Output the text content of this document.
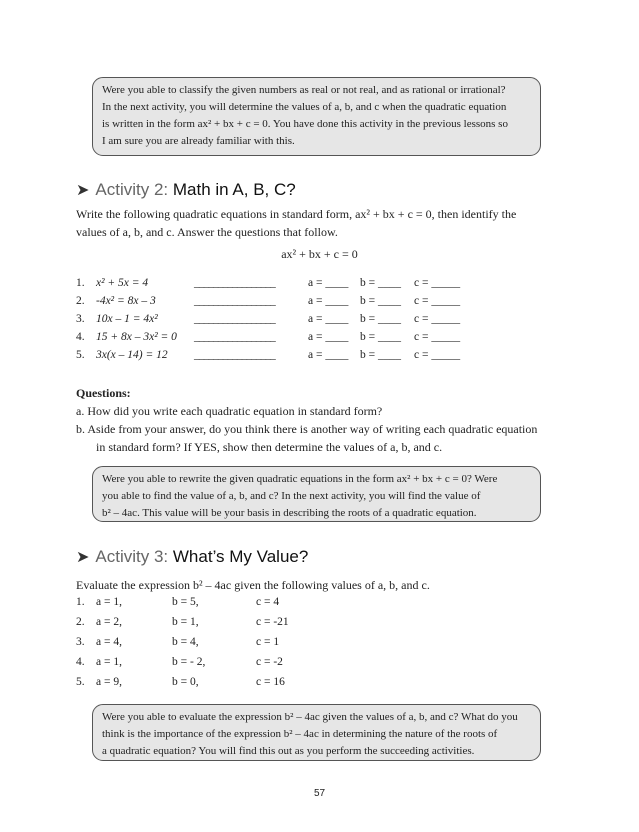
Were you able to classify the given numbers as real or not real, and as rational or irrational?

In the next activity, you will determine the values of a, b, and c when the quadratic equation

is written in the form ax² + bx + c = 0. You have done this activity in the previous lessons so

I am sure you are already familiar with this.

➤ Activity 2: Math in A, B, C?

Write the following quadratic equations in standard form, ax² + bx + c = 0, then identify the
values of a, b, and c. Answer the questions that follow.

ax² + bx + c = 0
1. x² + 5x = 4	_________________	a = ____ b = ____ c = _____
2. -4x² = 8x – 3	_________________	a = ____ b = ____ c = _____
3. 10x – 1 = 4x²	_________________	a = ____ b = ____ c = _____
4. 15 + 8x – 3x² = 0 _________________	a = ____ b = ____ c = _____
5. 3x(x – 14) = 12 _________________	a = ____ b = ____ c = _____
Questions:
a. How did you write each quadratic equation in standard form?
b. Aside from your answer, do you think there is another way of writing each quadratic equation
in standard form? If YES, show then determine the values of a, b, and c.

Were you able to rewrite the given quadratic equations in the form ax² + bx + c = 0? Were

you able to find the value of a, b, and c? In the next activity, you will find the value of

b² – 4ac. This value will be your basis in describing the roots of a quadratic equation.

➤ Activity 3: What’s My Value?
Evaluate the expression b² – 4ac given the following values of a, b, and c.
1. a = 1,	b = 5,	c = 4
2. a = 2,	b = 1,	c = -21
3. a = 4,	b = 4,	c = 1
4. a = 1,	b = - 2,	c = -2
5. a = 9,	b = 0,	c = 16

Were you able to evaluate the expression b² – 4ac given the values of a, b, and c? What do you

think is the importance of the expression b² – 4ac in determining the nature of the roots of

a quadratic equation? You will find this out as you perform the succeeding activities.

57
